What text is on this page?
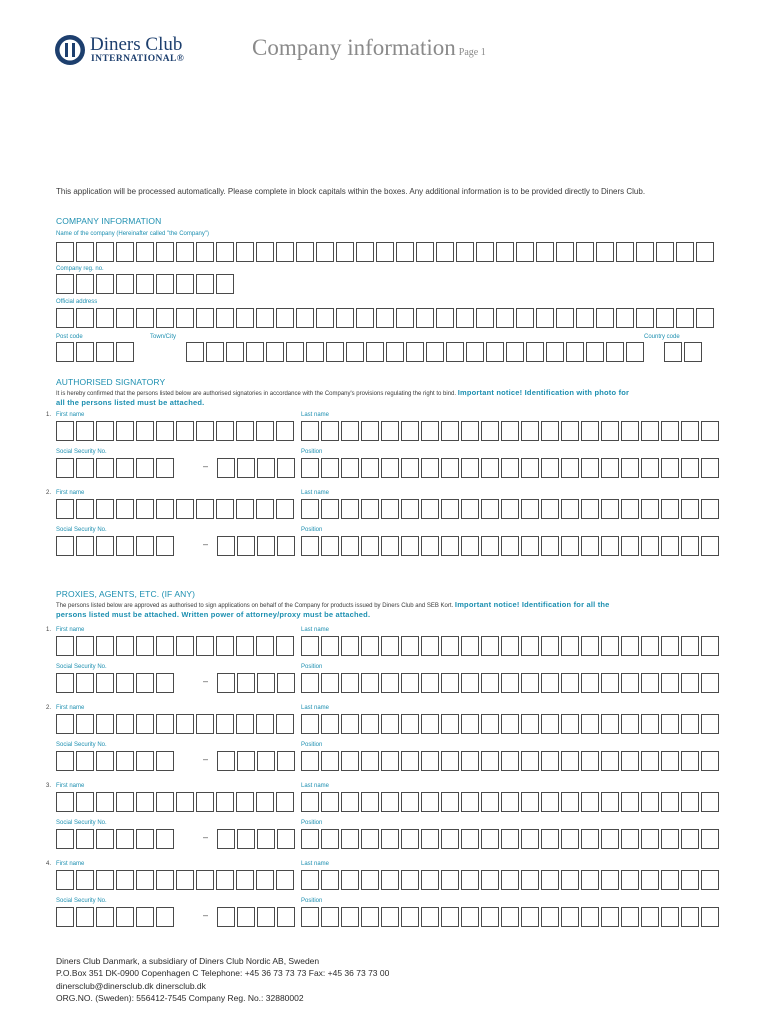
Diners Club
INTERNATIONAL®	Company information Page 1
This application will be processed automatically. Please complete in block capitals within the boxes. Any additional information is to be provided directly to Diners Club.
COMPANY INFORMATION
Name of the company (Hereinafter called "the Company")
Company reg. no.
Official address
Post code	Town/City	Country code
AUTHORISED SIGNATORY
It is hereby confirmed that the persons listed below are authorised signatories in accordance with the Company's provisions regulating the right to bind. Important notice! Identification with photo for
all the persons listed must be attached.
1. First name	Last name
Social Security No.	Position
–
2. First name	Last name
Social Security No.	Position
–
PROXIES, AGENTS, ETC. (IF ANY)
The persons listed below are approved as authorised to sign applications on behalf of the Company for products issued by Diners Club and SEB Kort. Important notice! Identification for all the
persons listed must be attached. Written power of attorney/proxy must be attached.
1. First name	Last name
Social Security No.	Position
–
2. First name	Last name
Social Security No.	Position
–
3. First name	Last name
Social Security No.	Position
–
4. First name	Last name
Social Security No.	Position
–
Diners Club Danmark, a subsidiary of Diners Club Nordic AB, Sweden
P.O.Box 351 DK-0900 Copenhagen C Telephone: +45 36 73 73 73 Fax: +45 36 73 73 00
dinersclub@dinersclub.dk dinersclub.dk
ORG.NO. (Sweden): 556412-7545 Company Reg. No.: 32880002
